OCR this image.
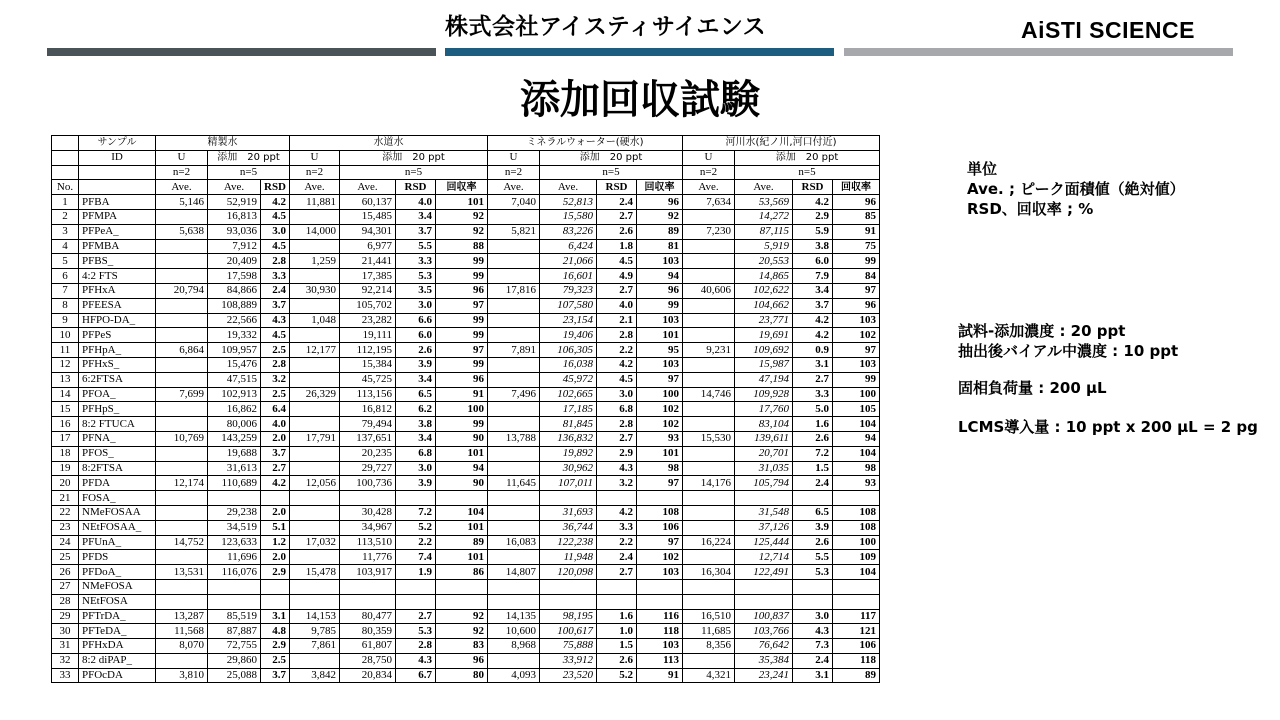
株式会社アイスティサイエンス	AiSTI SCIENCE
添加回収試験
	サンプル	精製水			水道水				ミネラルウォーター(硬水)				河川水(紀ノ川,河口付近)			
	ID	U	添加　20 ppt		U	添加　20 ppt			U	添加　20 ppt			U	添加　20 ppt		
		n=2	n=5		n=2	n=5			n=2	n=5			n=2	n=5		
No.		Ave.	Ave.	RSD	Ave.	Ave.	RSD	回収率	Ave.	Ave.	RSD	回収率	Ave.	Ave.	RSD	回収率
1	PFBA	5,146	52,919	4.2	11,881	60,137	4.0	101	7,040	52,813	2.4	96	7,634	53,569	4.2	96
2	PFMPA		16,813	4.5		15,485	3.4	92		15,580	2.7	92		14,272	2.9	85
3	PFPeA_	5,638	93,036	3.0	14,000	94,301	3.7	92	5,821	83,226	2.6	89	7,230	87,115	5.9	91
4	PFMBA		7,912	4.5		6,977	5.5	88		6,424	1.8	81		5,919	3.8	75
5	PFBS_		20,409	2.8	1,259	21,441	3.3	99		21,066	4.5	103		20,553	6.0	99
6	4:2 FTS		17,598	3.3		17,385	5.3	99		16,601	4.9	94		14,865	7.9	84
7	PFHxA	20,794	84,866	2.4	30,930	92,214	3.5	96	17,816	79,323	2.7	96	40,606	102,622	3.4	97
8	PFEESA		108,889	3.7		105,702	3.0	97		107,580	4.0	99		104,662	3.7	96
9	HFPO-DA_		22,566	4.3	1,048	23,282	6.6	99		23,154	2.1	103		23,771	4.2	103
10	PFPeS		19,332	4.5		19,111	6.0	99		19,406	2.8	101		19,691	4.2	102
11	PFHpA_	6,864	109,957	2.5	12,177	112,195	2.6	97	7,891	106,305	2.2	95	9,231	109,692	0.9	97
12	PFHxS_		15,476	2.8		15,384	3.9	99		16,038	4.2	103		15,987	3.1	103
13	6:2FTSA		47,515	3.2		45,725	3.4	96		45,972	4.5	97		47,194	2.7	99
14	PFOA_	7,699	102,913	2.5	26,329	113,156	6.5	91	7,496	102,665	3.0	100	14,746	109,928	3.3	100
15	PFHpS_		16,862	6.4		16,812	6.2	100		17,185	6.8	102		17,760	5.0	105
16	8:2 FTUCA		80,006	4.0		79,494	3.8	99		81,845	2.8	102		83,104	1.6	104
17	PFNA_	10,769	143,259	2.0	17,791	137,651	3.4	90	13,788	136,832	2.7	93	15,530	139,611	2.6	94
18	PFOS_		19,688	3.7		20,235	6.8	101		19,892	2.9	101		20,701	7.2	104
19	8:2FTSA		31,613	2.7		29,727	3.0	94		30,962	4.3	98		31,035	1.5	98
20	PFDA	12,174	110,689	4.2	12,056	100,736	3.9	90	11,645	107,011	3.2	97	14,176	105,794	2.4	93
21	FOSA_															
22	NMeFOSAA		29,238	2.0		30,428	7.2	104		31,693	4.2	108		31,548	6.5	108
23	NEtFOSAA_		34,519	5.1		34,967	5.2	101		36,744	3.3	106		37,126	3.9	108
24	PFUnA_	14,752	123,633	1.2	17,032	113,510	2.2	89	16,083	122,238	2.2	97	16,224	125,444	2.6	100
25	PFDS		11,696	2.0		11,776	7.4	101		11,948	2.4	102		12,714	5.5	109
26	PFDoA_	13,531	116,076	2.9	15,478	103,917	1.9	86	14,807	120,098	2.7	103	16,304	122,491	5.3	104
27	NMeFOSA															
28	NEtFOSA															
29	PFTrDA_	13,287	85,519	3.1	14,153	80,477	2.7	92	14,135	98,195	1.6	116	16,510	100,837	3.0	117
30	PFTeDA_	11,568	87,887	4.8	9,785	80,359	5.3	92	10,600	100,617	1.0	118	11,685	103,766	4.3	121
31	PFHxDA	8,070	72,755	2.9	7,861	61,807	2.8	83	8,968	75,888	1.5	103	8,356	76,642	7.3	106
32	8:2 diPAP_		29,860	2.5		28,750	4.3	96		33,912	2.6	113		35,384	2.4	118
33	PFOcDA	3,810	25,088	3.7	3,842	20,834	6.7	80	4,093	23,520	5.2	91	4,321	23,241	3.1	89
単位
Ave. ; ピーク面積値（絶対値）
RSD、回収率 ; %
試料-添加濃度 : 20 ppt
抽出後バイアル中濃度 : 10 ppt
固相負荷量 : 200 µL
LCMS導入量 : 10 ppt x 200 µL = 2 pg
